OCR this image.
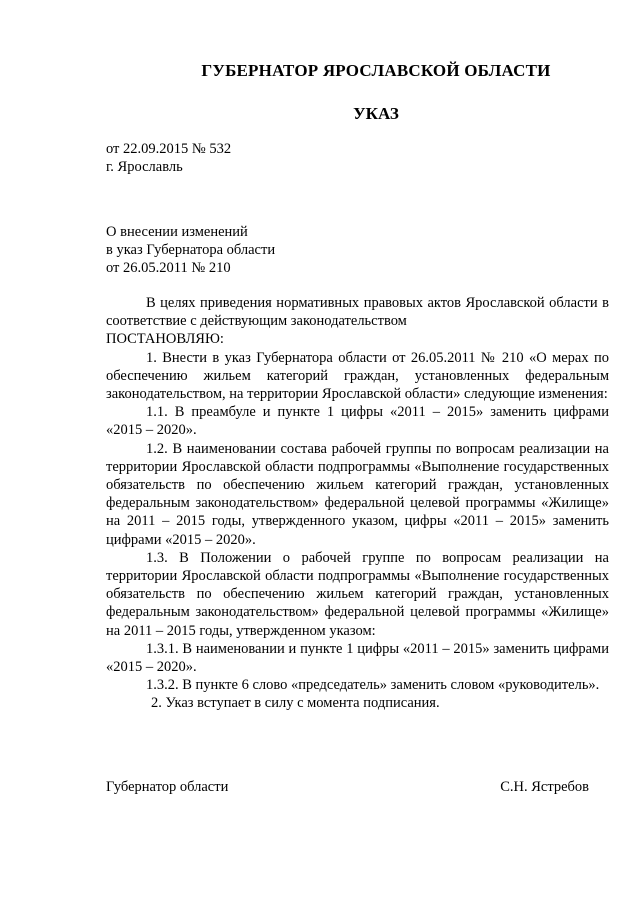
ГУБЕРНАТОР ЯРОСЛАВСКОЙ ОБЛАСТИ
УКАЗ
от 22.09.2015 № 532
г. Ярославль
О внесении изменений
в указ Губернатора области
от 26.05.2011 № 210

В целях приведения нормативных правовых актов Ярославской области в соответствие с действующим законодательством

ПОСТАНОВЛЯЮ:

1. Внести в указ Губернатора области от 26.05.2011 № 210 «О мерах по обеспечению жильем категорий граждан, установленных федеральным законодательством, на территории Ярославской области» следующие изменения:

1.1. В преамбуле и пункте 1 цифры «2011 – 2015» заменить цифрами «2015 – 2020».

1.2. В наименовании состава рабочей группы по вопросам реализации на территории Ярославской области подпрограммы «Выполнение государственных обязательств по обеспечению жильем категорий граждан, установленных федеральным законодательством» федеральной целевой программы «Жилище» на 2011 – 2015 годы, утвержденного указом, цифры «2011 – 2015» заменить цифрами «2015 – 2020».

1.3. В Положении о рабочей группе по вопросам реализации на территории Ярославской области подпрограммы «Выполнение государственных обязательств по обеспечению жильем категорий граждан, установленных федеральным законодательством» федеральной целевой программы «Жилище» на 2011 – 2015 годы, утвержденном указом:

1.3.1. В наименовании и пункте 1 цифры «2011 – 2015» заменить цифрами «2015 – 2020».

1.3.2. В пункте 6 слово «председатель» заменить словом «руководитель».

2. Указ вступает в силу с момента подписания.

Губернатор области	С.Н. Ястребов
